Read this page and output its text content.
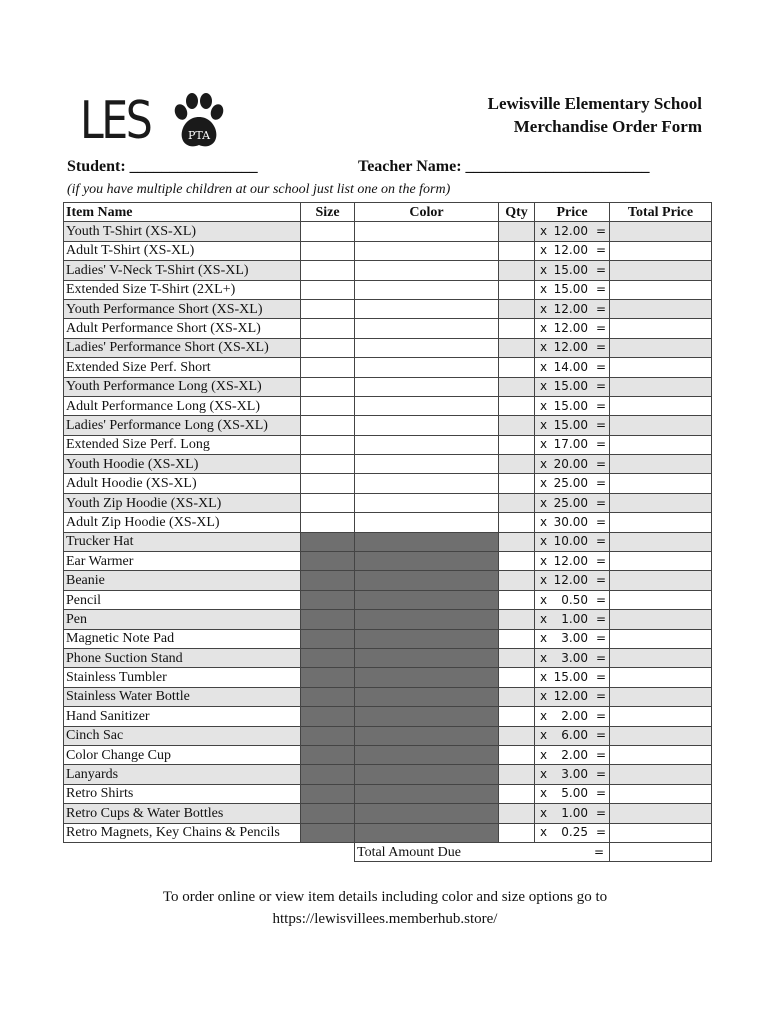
LES	PTA
Lewisville Elementary School
Merchandise Order Form
Student: ________________	Teacher Name: _______________________
(if you have multiple children at our school just list one on the form)
Item Name	Size	Color	Qty	Price	Total Price
Youth T-Shirt (XS-XL)				x 12.00 =	

Adult T-Shirt (XS-XL)				x 12.00 =	

Ladies' V-Neck T-Shirt (XS-XL)				x 15.00 =	

Extended Size T-Shirt (2XL+)				x 15.00 =	

Youth Performance Short (XS-XL)				x 12.00 =	

Adult Performance Short (XS-XL)				x 12.00 =	

Ladies' Performance Short (XS-XL)				x 12.00 =	

Extended Size Perf. Short				x 14.00 =	

Youth Performance Long (XS-XL)				x 15.00 =	

Adult Performance Long (XS-XL)				x 15.00 =	

Ladies' Performance Long (XS-XL)				x 15.00 =	

Extended Size Perf. Long				x 17.00 =	

Youth Hoodie (XS-XL)				x 20.00 =	

Adult Hoodie (XS-XL)				x 25.00 =	

Youth Zip Hoodie (XS-XL)				x 25.00 =	

Adult Zip Hoodie (XS-XL)				x 30.00 =	

Trucker Hat				x 10.00 =	

Ear Warmer				x 12.00 =	

Beanie				x 12.00 =	

Pencil				x 0.50 =	

Pen				x 1.00 =	

Magnetic Note Pad				x 3.00 =	

Phone Suction Stand				x 3.00 =	

Stainless Tumbler				x 15.00 =	

Stainless Water Bottle				x 12.00 =	

Hand Sanitizer				x 2.00 =	

Cinch Sac				x 6.00 =	

Color Change Cup				x 2.00 =	

Lanyards				x 3.00 =	

Retro Shirts				x 5.00 =	

Retro Cups & Water Bottles				x 1.00 =	

Retro Magnets, Key Chains & Pencils				x 0.25 =	

		Total Amount Due =			

To order online or view item details including color and size options go to
https://lewisvillees.memberhub.store/
